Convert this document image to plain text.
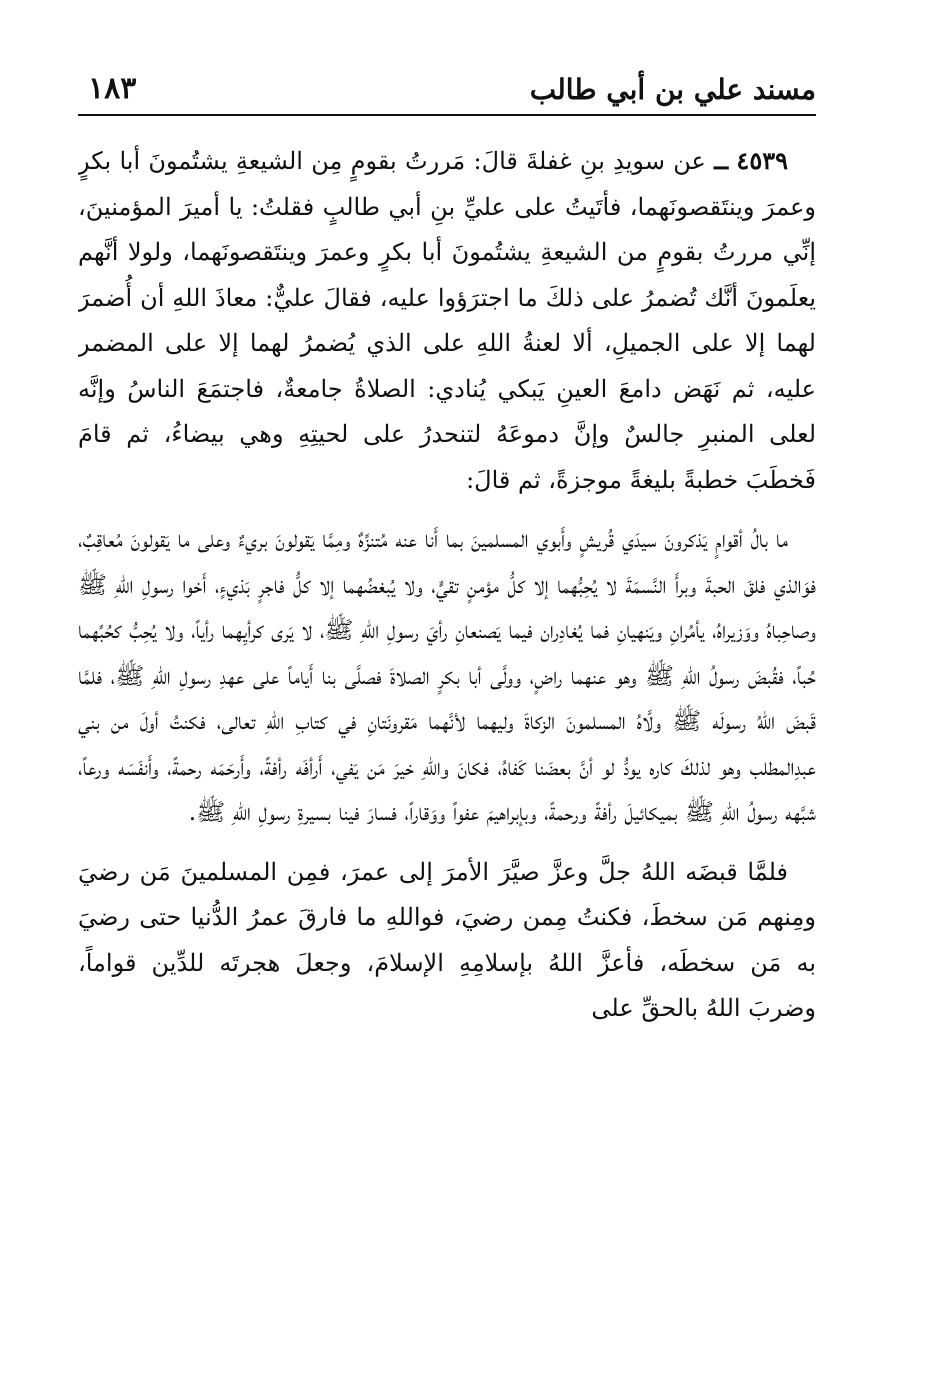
مسند علي بن أبي طالب
١٨٣

٤٥٣٩ ــ عن سويدِ بنِ غفلةَ قالَ: مَررتُ بقومٍ مِن الشيعةِ يشتُمونَ أبا بكرٍ وعمرَ وينتَقصونَهما، فأتَيتُ على عليِّ بنِ أبي طالبٍ فقلتُ: يا أميرَ المؤمنينَ، إنِّي مررتُ بقومٍ من الشيعةِ يشتُمونَ أبا بكرٍ وعمرَ وينتَقصونَهما، ولولا أنَّهم يعلَمونَ أنَّك تُضمرُ على ذلكَ ما اجترَؤوا عليه، فقالَ عليٌّ: معاذَ اللهِ أن أُضمرَ لهما إلا على الجميلِ، ألا لعنةُ اللهِ على الذي يُضمرُ لهما إلا على المضمر عليه، ثم نَهَض دامعَ العينِ يَبكي يُنادي: الصلاةُ جامعةٌ، فاجتمَعَ الناسُ وإنَّه لعلى المنبرِ جالسٌ وإنَّ دموعَهُ لتنحدرُ على لحيتِهِ وهي بيضاءُ، ثم قامَ فَخطَبَ خطبةً بليغةً موجزةً، ثم قالَ:

ما بالُ أقوامٍ يَذكرونَ سيدَي قُريشٍ وأَبوي المسلمينَ بما أَنا عنه مُتنزِّهٌ ومِمَّا يَقولونَ بريءٌ وعلى ما يَقولونَ مُعاقِبٌ، فوَالذي فلقَ الحبةَ وبرأَ النَّسمَةَ لا يُحِبُّهما إلا كلُّ مؤمنٍ تقيٍّ، ولا يُبغضُهما إلا كلُّ فاجرٍ بَذيءٍ، أَخوا رسولِ اللهِ ﷺ وصاحِباهُ ووَزيراهُ، يأمُرانِ ويَنهيانِ فما يُغادِران فيما يَصنعانِ رأيَ رسولِ اللهِ ﷺ، لا يَرى كرأيِهما رأياً، ولا يُحِبُّ كحُبِّهما حُباً، فقُبضَ رسولُ اللهِ ﷺ وهو عنهما راضٍ، وولَّى أبا بكرٍ الصلاةَ فصلَّى بنا أَياماً على عهدِ رسولِ اللهِ ﷺ، فلمَّا قَبضَ اللهُ رسولَه ﷺ ولَّاهُ المسلمونَ الزكاةَ وليهما لأنَّهما مَقرونَتانِ في كتابِ اللهِ تعالى، فكنتُ أولَ من بني عبدِالمطلب وهو لذلكَ كاره يودُّ لو أنَّ بعضَنا كَفاهُ، فكانَ واللهِ خيرَ مَن يَفي، أَرأفَه رأفةً، وأَرحَمَه رحمةً، وأَنفَسَه ورعاً، شبَّهه رسولُ اللهِ ﷺ بميكائيلَ رأفةً ورحمةً، وبإبراهيمَ عفواً ووَقاراً، فسارَ فينا بسيرةِ رسولِ اللهِ ﷺ.

فلمَّا قبضَه اللهُ جلَّ وعزَّ صيَّرَ الأمرَ إلى عمرَ، فمِن المسلمينَ مَن رضيَ ومِنهم مَن سخطَ، فكنتُ مِمن رضيَ، فواللهِ ما فارقَ عمرُ الدُّنيا حتى رضيَ به مَن سخطَه، فأعزَّ اللهُ بإسلامِهِ الإسلامَ، وجعلَ هجرتَه للدِّين قواماً، وضربَ اللهُ بالحقِّ على
